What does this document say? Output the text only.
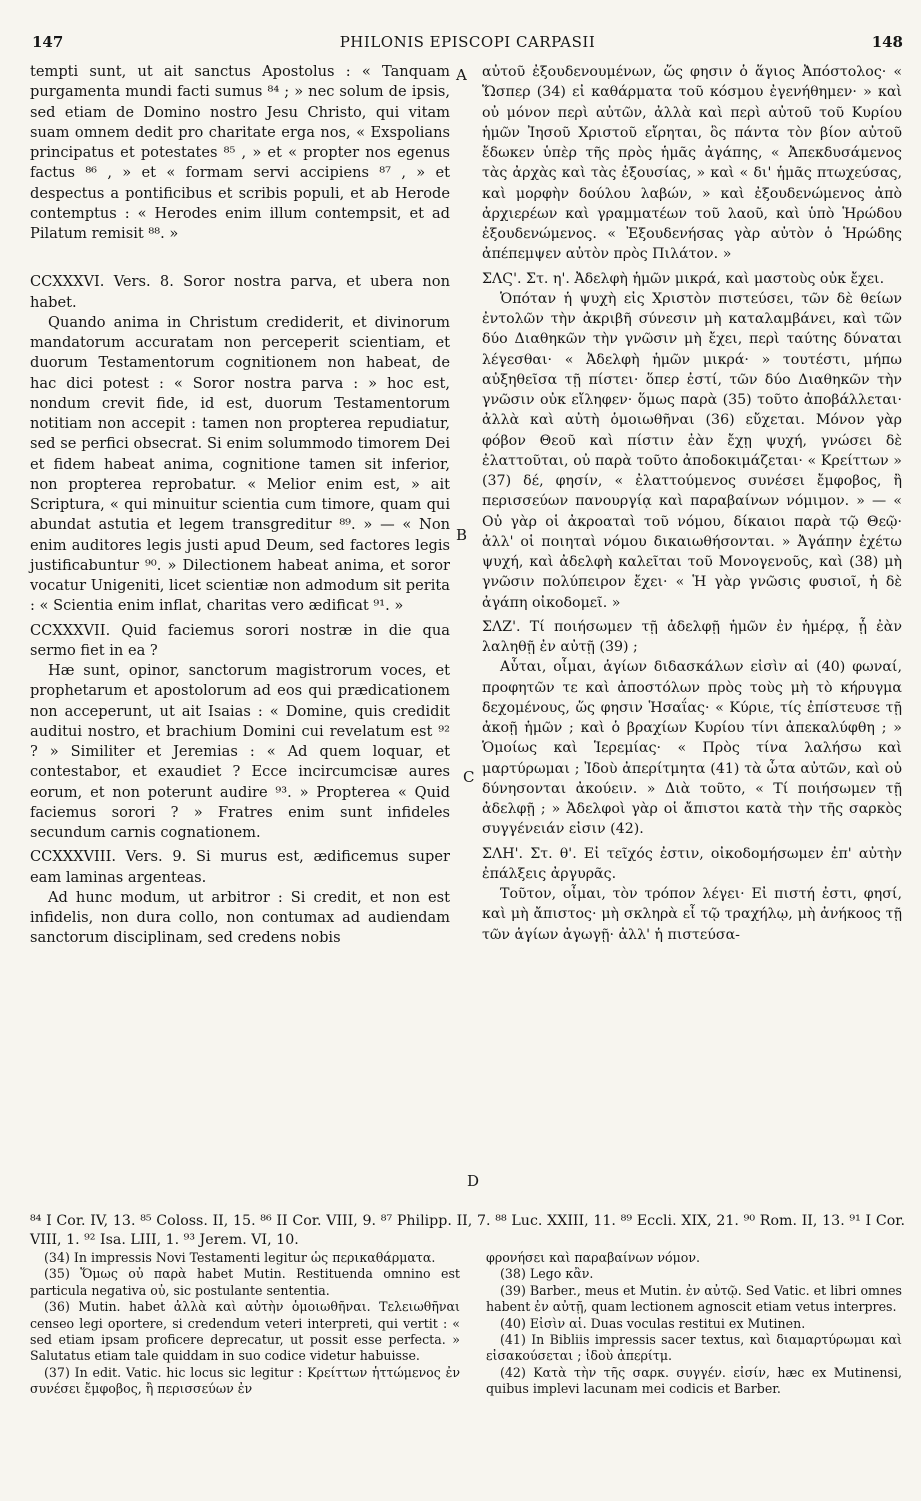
147	PHILONIS EPISCOPI CARPASII	148
A
B
C
D

tempti sunt, ut ait sanctus Apostolus : « Tanquam purgamenta mundi facti sumus ⁸⁴ ; » nec solum de ipsis, sed etiam de Domino nostro Jesu Christo, qui vitam suam omnem dedit pro charitate erga nos, « Exspolians principatus et potestates ⁸⁵ , » et « propter nos egenus factus ⁸⁶ , » et « formam servi accipiens ⁸⁷ , » et despectus a pontificibus et scribis populi, et ab Herode contemptus : « Herodes enim illum contempsit, et ad Pilatum remisit ⁸⁸. »

CCXXXVI. Vers. 8. Soror nostra parva, et ubera non habet.

Quando anima in Christum crediderit, et divinorum mandatorum accuratam non perceperit scientiam, et duorum Testamentorum cognitionem non habeat, de hac dici potest : « Soror nostra parva : » hoc est, nondum crevit fide, id est, duorum Testamentorum notitiam non accepit : tamen non propterea repudiatur, sed se perfici obsecrat. Si enim solummodo timorem Dei et fidem habeat anima, cognitione tamen sit inferior, non propterea reprobatur. « Melior enim est, » ait Scriptura, « qui minuitur scientia cum timore, quam qui abundat astutia et legem transgreditur ⁸⁹. » — « Non enim auditores legis justi apud Deum, sed factores legis justificabuntur ⁹⁰. » Dilectionem habeat anima, et soror vocatur Unigeniti, licet scientiæ non admodum sit perita : « Scientia enim inflat, charitas vero ædificat ⁹¹. »

CCXXXVII. Quid faciemus sorori nostræ in die qua sermo fiet in ea ?

Hæ sunt, opinor, sanctorum magistrorum voces, et prophetarum et apostolorum ad eos qui prædicationem non acceperunt, ut ait Isaias : « Domine, quis credidit auditui nostro, et brachium Domini cui revelatum est ⁹² ? » Similiter et Jeremias : « Ad quem loquar, et contestabor, et exaudiet ? Ecce incircumcisæ aures eorum, et non poterunt audire ⁹³. » Propterea « Quid faciemus sorori ? » Fratres enim sunt infideles secundum carnis cognationem.

CCXXXVIII. Vers. 9. Si murus est, ædificemus super eam laminas argenteas.

Ad hunc modum, ut arbitror : Si credit, et non est infidelis, non dura collo, non contumax ad audiendam sanctorum disciplinam, sed credens nobis

αὐτοῦ ἐξουδενουμένων, ὥς φησιν ὁ ἅγιος Ἀπόστολος· « Ὥσπερ (34) εἰ καθάρματα τοῦ κόσμου ἐγενήθημεν· » καὶ οὐ μόνον περὶ αὐτῶν, ἀλλὰ καὶ περὶ αὐτοῦ τοῦ Κυρίου ἡμῶν Ἰησοῦ Χριστοῦ εἴρηται, ὃς πάντα τὸν βίον αὐτοῦ ἔδωκεν ὑπὲρ τῆς πρὸς ἡμᾶς ἀγάπης, « Ἀπεκδυσάμενος τὰς ἀρχὰς καὶ τὰς ἐξουσίας, » καὶ « δι' ἡμᾶς πτωχεύσας, καὶ μορφὴν δούλου λαβών, » καὶ ἐξουδενώμενος ἀπὸ ἀρχιερέων καὶ γραμματέων τοῦ λαοῦ, καὶ ὑπὸ Ἡρώδου ἐξουδενώμενος. « Ἐξουδενήσας γὰρ αὐτὸν ὁ Ἡρώδης ἀπέπεμψεν αὐτὸν πρὸς Πιλάτον. »

ΣΛϚ'. Στ. η'. Ἀδελφὴ ἡμῶν μικρά, καὶ μαστοὺς οὐκ ἔχει.

Ὁπόταν ἡ ψυχὴ εἰς Χριστὸν πιστεύσει, τῶν δὲ θείων ἐντολῶν τὴν ἀκριβῆ σύνεσιν μὴ καταλαμβάνει, καὶ τῶν δύο Διαθηκῶν τὴν γνῶσιν μὴ ἔχει, περὶ ταύτης δύναται λέγεσθαι· « Ἀδελφὴ ἡμῶν μικρά· » τουτέστι, μήπω αὐξηθεῖσα τῇ πίστει· ὅπερ ἐστί, τῶν δύο Διαθηκῶν τὴν γνῶσιν οὐκ εἴληφεν· ὅμως παρὰ (35) τοῦτο ἀποβάλλεται· ἀλλὰ καὶ αὐτὴ ὁμοιωθῆναι (36) εὔχεται. Μόνον γὰρ φόβον Θεοῦ καὶ πίστιν ἐὰν ἔχῃ ψυχή, γνώσει δὲ ἐλαττοῦται, οὐ παρὰ τοῦτο ἀποδοκιμάζεται· « Κρείττων » (37) δέ, φησίν, « ἐλαττούμενος συνέσει ἔμφοβος, ἢ περισσεύων πανουργίᾳ καὶ παραβαίνων νόμιμον. » — « Οὐ γὰρ οἱ ἀκροαταὶ τοῦ νόμου, δίκαιοι παρὰ τῷ Θεῷ· ἀλλ' οἱ ποιηταὶ νόμου δικαιωθήσονται. » Ἀγάπην ἐχέτω ψυχή, καὶ ἀδελφὴ καλεῖται τοῦ Μονογενοῦς, καὶ (38) μὴ γνῶσιν πολύπειρον ἔχει· « Ἡ γὰρ γνῶσις φυσιοῖ, ἡ δὲ ἀγάπη οἰκοδομεῖ. »

ΣΛΖ'. Τί ποιήσωμεν τῇ ἀδελφῇ ἡμῶν ἐν ἡμέρᾳ, ᾗ ἐὰν λαληθῇ ἐν αὐτῇ (39) ;

Αὗται, οἶμαι, ἁγίων διδασκάλων εἰσὶν αἱ (40) φωναί, προφητῶν τε καὶ ἀποστόλων πρὸς τοὺς μὴ τὸ κήρυγμα δεχομένους, ὥς φησιν Ἡσαΐας· « Κύριε, τίς ἐπίστευσε τῇ ἀκοῇ ἡμῶν ; καὶ ὁ βραχίων Κυρίου τίνι ἀπεκαλύφθη ; » Ὁμοίως καὶ Ἱερεμίας· « Πρὸς τίνα λαλήσω καὶ μαρτύρωμαι ; Ἰδοὺ ἀπερίτμητα (41) τὰ ὦτα αὐτῶν, καὶ οὐ δύνησονται ἀκούειν. » Διὰ τοῦτο, « Τί ποιήσωμεν τῇ ἀδελφῇ ; » Ἀδελφοὶ γὰρ οἱ ἄπιστοι κατὰ τὴν τῆς σαρκὸς συγγένειάν εἰσιν (42).

ΣΛΗ'. Στ. θ'. Εἰ τεῖχός ἐστιν, οἰκοδομήσωμεν ἐπ' αὐτὴν ἐπάλξεις ἀργυρᾶς.

Τοῦτον, οἶμαι, τὸν τρόπον λέγει· Εἰ πιστή ἐστι, φησί, καὶ μὴ ἄπιστος· μὴ σκληρὰ εἶ τῷ τραχήλῳ, μὴ ἀνήκοος τῇ τῶν ἁγίων ἀγωγῇ· ἀλλ' ἡ πιστεύσα-

⁸⁴ I Cor. IV, 13. ⁸⁵ Coloss. II, 15. ⁸⁶ II Cor. VIII, 9. ⁸⁷ Philipp. II, 7. ⁸⁸ Luc. XXIII, 11. ⁸⁹ Eccli. XIX, 21. ⁹⁰ Rom. II, 13. ⁹¹ I Cor. VIII, 1. ⁹² Isa. LIII, 1. ⁹³ Jerem. VI, 10.

(34) In impressis Novi Testamenti legitur ὡς περικαθάρματα.

(35) Ὅμως οὐ παρὰ habet Mutin. Restituenda omnino est particula negativa οὐ, sic postulante sententia.

(36) Mutin. habet ἀλλὰ καὶ αὐτὴν ὁμοιωθῆναι. Τελειωθῆναι censeo legi oportere, si credendum veteri interpreti, qui vertit : « sed etiam ipsam proficere deprecatur, ut possit esse perfecta. » Salutatus etiam tale quiddam in suo codice videtur habuisse.

(37) In edit. Vatic. hic locus sic legitur : Κρείττων ἡττώμενος ἐν συνέσει ἔμφοβος, ἢ περισσεύων ἐν

φρονήσει καὶ παραβαίνων νόμον.

(38) Lego κἂν.

(39) Barber., meus et Mutin. ἐν αὐτῷ. Sed Vatic. et libri omnes habent ἐν αὐτῇ, quam lectionem agnoscit etiam vetus interpres.

(40) Εἰσὶν αἱ. Duas voculas restitui ex Mutinen.

(41) In Bibliis impressis sacer textus, καὶ διαμαρτύρωμαι καὶ εἰσακούσεται ; ἰδοὺ ἀπερίτμ.

(42) Κατὰ τὴν τῆς σαρκ. συγγέν. εἰσίν, hæc ex Mutinensi, quibus implevi lacunam mei codicis et Barber.
